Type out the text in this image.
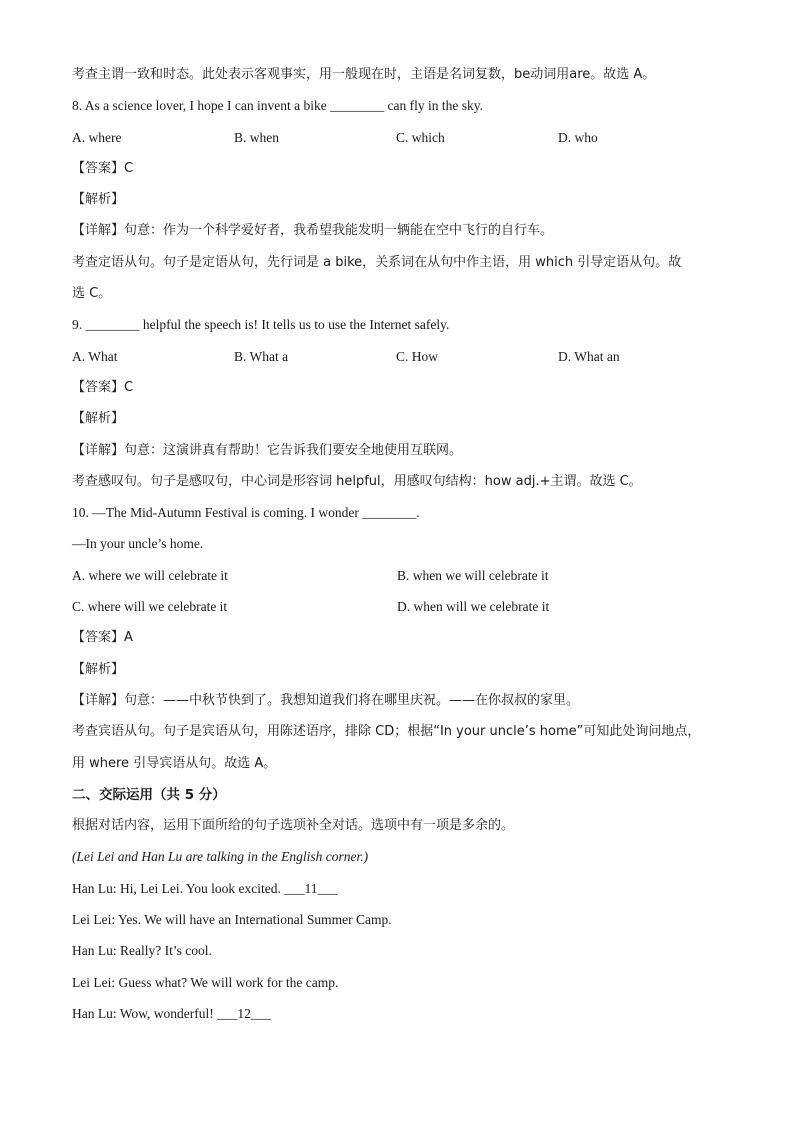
考查主谓一致和时态。此处表示客观事实，用一般现在时，主语是名词复数，be动词用are。故选 A。
8. As a science lover, I hope I can invent a bike ________ can fly in the sky.
A. where	B. when	C. which	D. who
【答案】C
【解析】
【详解】句意：作为一个科学爱好者，我希望我能发明一辆能在空中飞行的自行车。
考查定语从句。句子是定语从句，先行词是 a bike，关系词在从句中作主语，用 which 引导定语从句。故
选 C。
9. ________ helpful the speech is! It tells us to use the Internet safely.
A. What	B. What a	C. How	D. What an
【答案】C
【解析】
【详解】句意：这演讲真有帮助！它告诉我们要安全地使用互联网。
考查感叹句。句子是感叹句，中心词是形容词 helpful，用感叹句结构：how adj.+主谓。故选 C。
10. —The Mid-Autumn Festival is coming. I wonder ________.
—In your uncle’s home.
A. where we will celebrate it	B. when we will celebrate it
C. where will we celebrate it	D. when will we celebrate it
【答案】A
【解析】
【详解】句意：——中秋节快到了。我想知道我们将在哪里庆祝。——在你叔叔的家里。
考查宾语从句。句子是宾语从句，用陈述语序，排除 CD；根据“In your uncle’s home”可知此处询问地点，
用 where 引导宾语从句。故选 A。
二、交际运用（共 5 分）
根据对话内容，运用下面所给的句子选项补全对话。选项中有一项是多余的。
(Lei Lei and Han Lu are talking in the English corner.)
Han Lu: Hi, Lei Lei. You look excited. ___11___
Lei Lei: Yes. We will have an International Summer Camp.
Han Lu: Really? It’s cool.
Lei Lei: Guess what? We will work for the camp.
Han Lu: Wow, wonderful! ___12___
